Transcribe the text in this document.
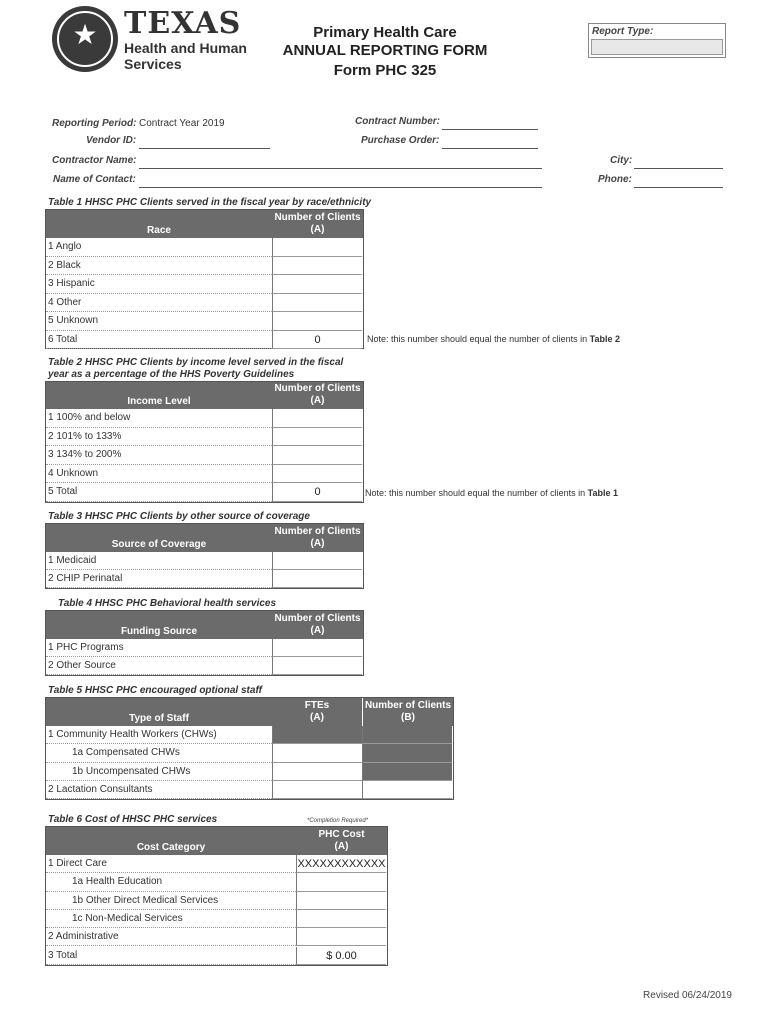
★ TEXAS
Health and Human
Services
Primary Health Care
ANNUAL REPORTING FORM
Form PHC 325
Report Type:
Reporting Period: Contract Year 2019
Vendor ID:
Contract Number:
Purchase Order:
Contractor Name:	City:
Name of Contact:	Phone:
Table 1 HHSC PHC Clients served in the fiscal year by race/ethnicity
Race
Number of Clients
(A)
1 Anglo
2 Black
3 Hispanic
4 Other
5 Unknown
6 Total	0
Table 2 HHSC PHC Clients by income level served in the fiscal
year as a percentage of the HHS Poverty Guidelines
Income Level
Number of Clients
(A)
1 100% and below
2 101% to 133%
3 134% to 200%
4 Unknown
5 Total	0
Table 3 HHSC PHC Clients by other source of coverage
Source of Coverage
Number of Clients
(A)
1 Medicaid
2 CHIP Perinatal
Table 4 HHSC PHC Behavioral health services
Funding Source
Number of Clients
(A)
1 PHC Programs
2 Other Source
Table 5 HHSC PHC encouraged optional staff
Type of Staff
FTEs
(A)
Number of Clients
(B)
1 Community Health Workers (CHWs)
1a Compensated CHWs
1b Uncompensated CHWs
2 Lactation Consultants
Table 6 Cost of HHSC PHC services	*Completion Required*
Cost Category
PHC Cost
(A)
1 Direct Care	XXXXXXXXXXXX
1a Health Education
1b Other Direct Medical Services
1c Non-Medical Services
2 Administrative
3 Total	$ 0.00
Revised 06/24/2019
Note: this number should equal the number of clients in Table 2
Note: this number should equal the number of clients in Table 1
